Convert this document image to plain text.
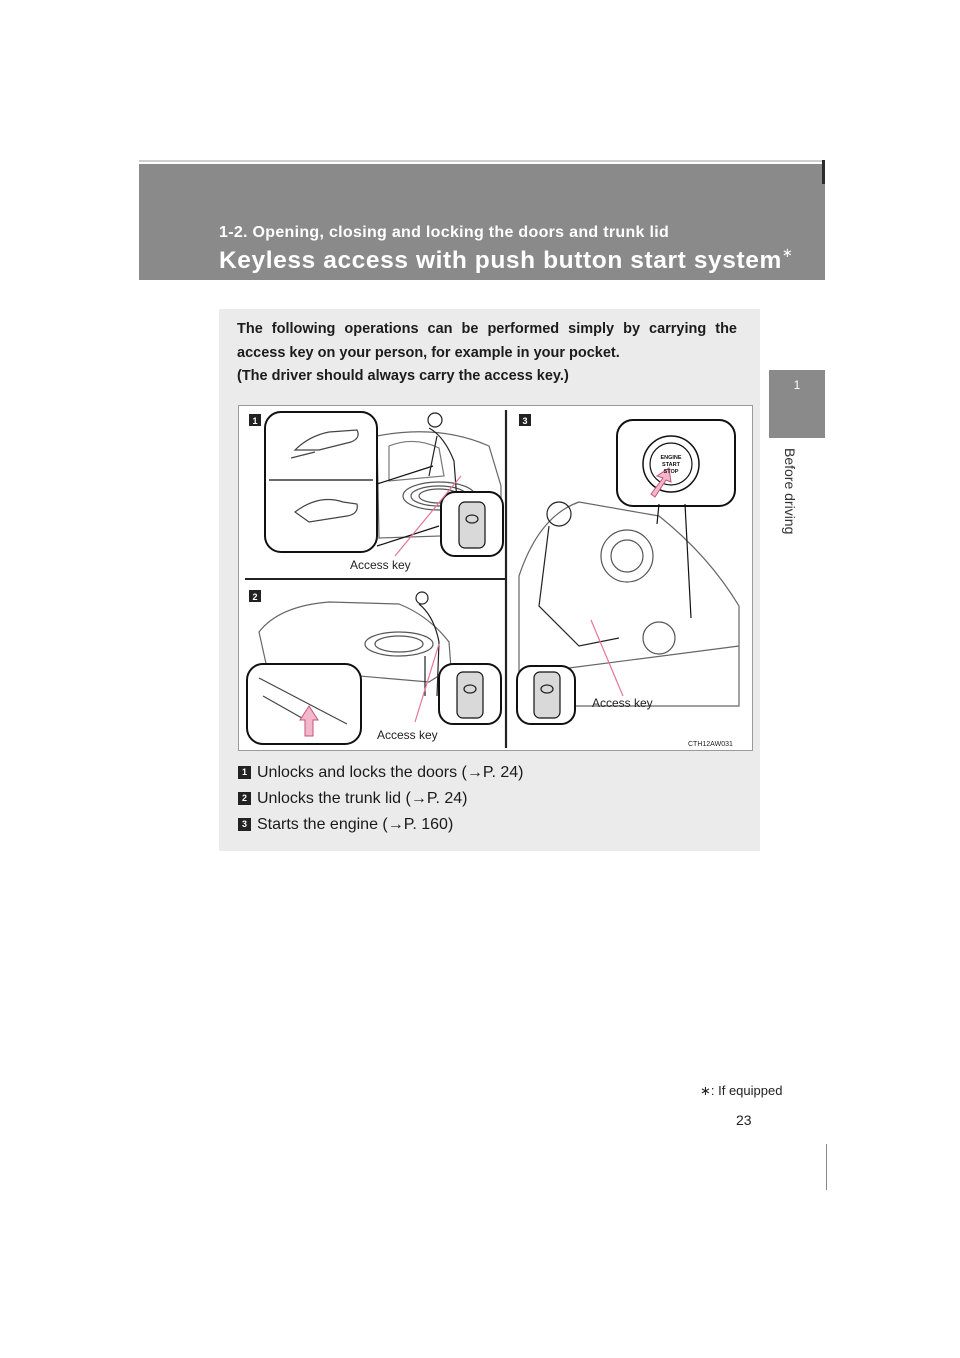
1-2. Opening, closing and locking the doors and trunk lid
Keyless access with push button start system∗
1
Before driving

The following operations can be performed simply by carrying the access key on your person, for example in your pocket.

(The driver should always carry the access key.)

1
2
3
ENGINE
START
STOP
Access key
Access key
Access key
CTH12AW031
1 Unlocks and locks the doors (→P. 24)
2 Unlocks the trunk lid (→P. 24)
3 Starts the engine (→P. 160)
∗: If equipped
23
